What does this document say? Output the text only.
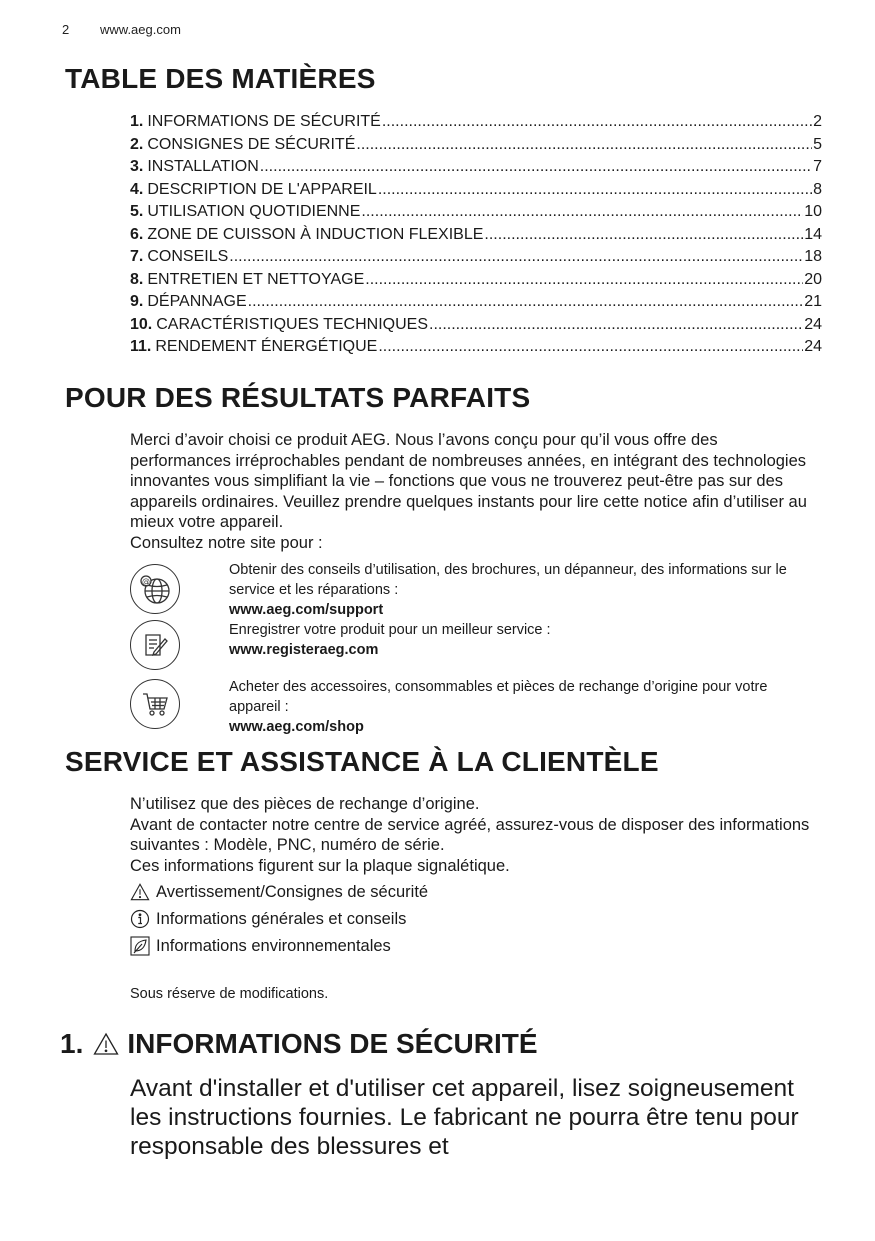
2 www.aeg.com
TABLE DES MATIÈRES
1. INFORMATIONS DE SÉCURITÉ .....	2
2. CONSIGNES DE SÉCURITÉ .....	5
3. INSTALLATION .....	7
4. DESCRIPTION DE L'APPAREIL .....	8
5. UTILISATION QUOTIDIENNE .....	10
6. ZONE DE CUISSON À INDUCTION FLEXIBLE .....	14
7. CONSEILS .....	18
8. ENTRETIEN ET NETTOYAGE .....	20
9. DÉPANNAGE .....	21
10. CARACTÉRISTIQUES TECHNIQUES .....	24
11. RENDEMENT ÉNERGÉTIQUE .....	24
POUR DES RÉSULTATS PARFAITS

Merci d’avoir choisi ce produit AEG. Nous l’avons conçu pour qu’il vous offre des performances irréprochables pendant de nombreuses années, en intégrant des technologies innovantes vous simplifiant la vie – fonctions que vous ne trouverez peut-être pas sur des appareils ordinaires. Veuillez prendre quelques instants pour lire cette notice afin d’utiliser au mieux votre appareil.

Consultez notre site pour :

@

Obtenir des conseils d’utilisation, des brochures, un dépanneur, des informations sur le service et les réparations :

www.aeg.com/support

Enregistrer votre produit pour un meilleur service :

www.registeraeg.com

Acheter des accessoires, consommables et pièces de rechange d’origine pour votre appareil :

www.aeg.com/shop

SERVICE ET ASSISTANCE À LA CLIENTÈLE

N’utilisez que des pièces de rechange d’origine.

Avant de contacter notre centre de service agréé, assurez-vous de disposer des informations suivantes : Modèle, PNC, numéro de série.

Ces informations figurent sur la plaque signalétique.

Avertissement/Consignes de sécurité
Informations générales et conseils
Informations environnementales
Sous réserve de modifications.
1. INFORMATIONS DE SÉCURITÉ

Avant d'installer et d'utiliser cet appareil, lisez soigneusement les instructions fournies. Le fabricant ne pourra être tenu pour responsable des blessures et
